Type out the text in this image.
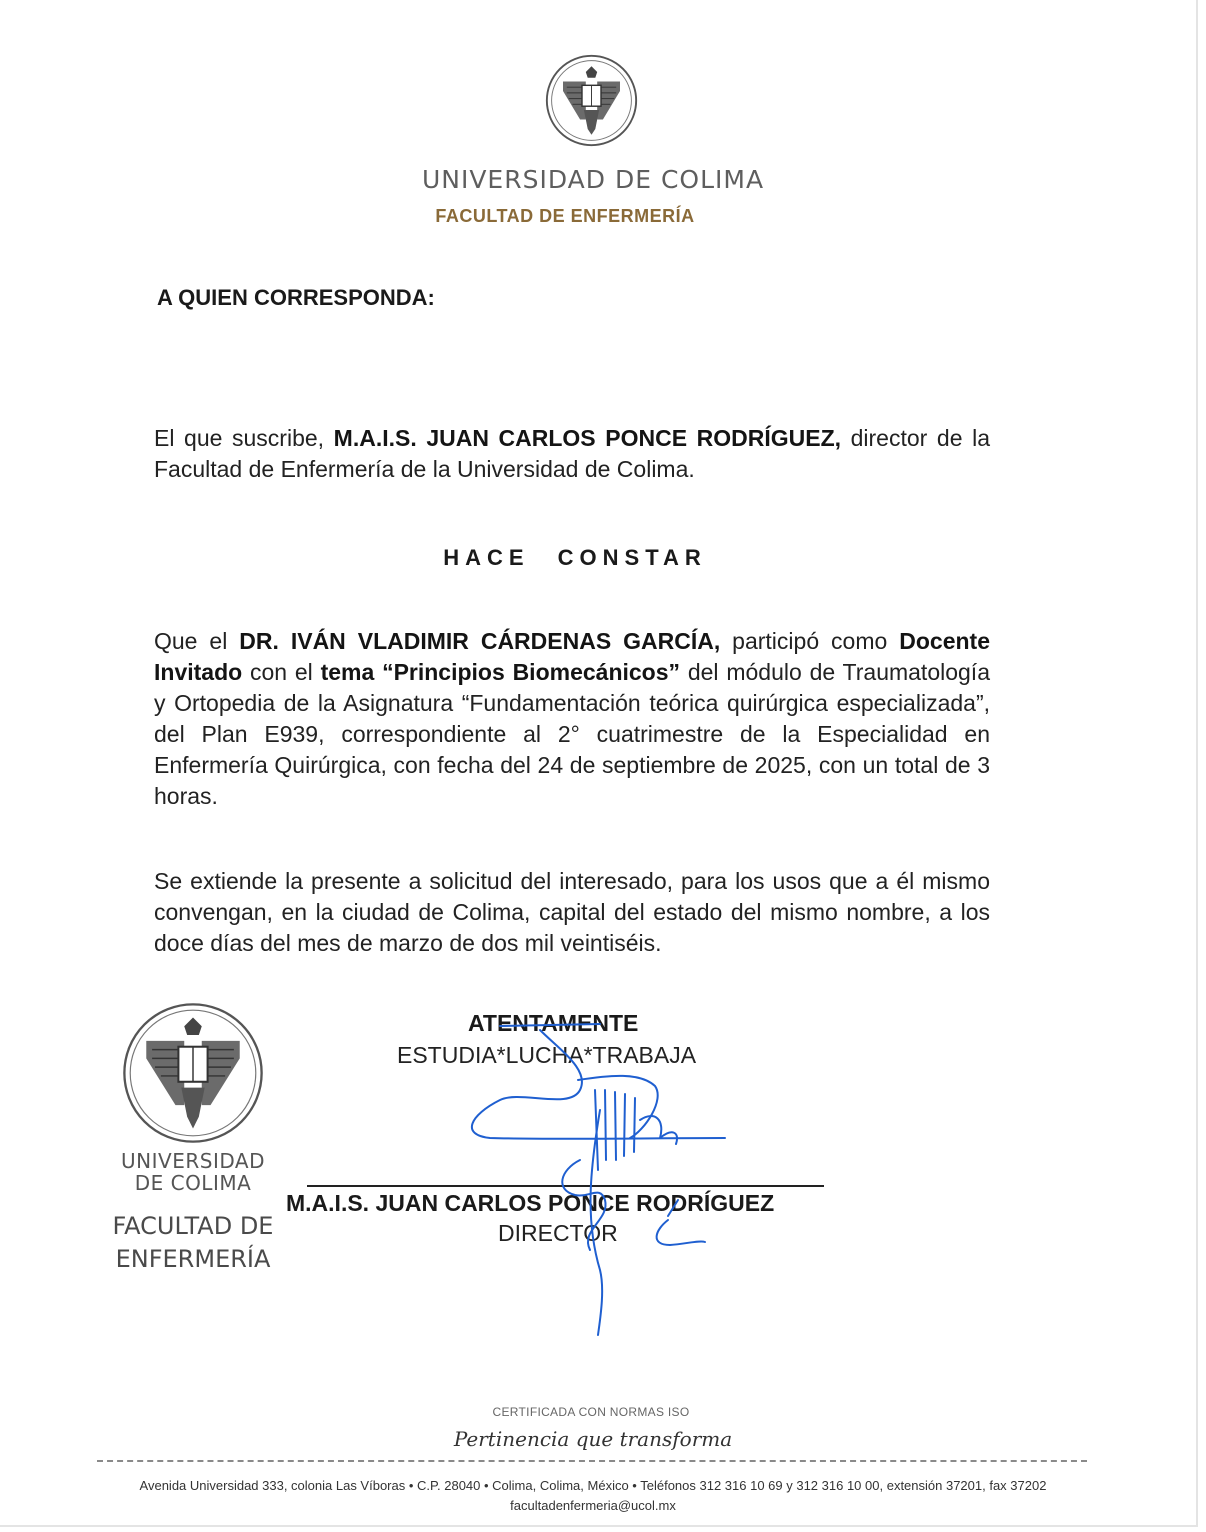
UNIVERSIDAD DE COLIMA
FACULTAD DE ENFERMERÍA
A QUIEN CORRESPONDA:
El que suscribe, M.A.I.S. JUAN CARLOS PONCE RODRÍGUEZ, director de la Facultad de Enfermería de la Universidad de Colima.
HACE CONSTAR
Que el DR. IVÁN VLADIMIR CÁRDENAS GARCÍA, participó como Docente Invitado con el tema “Principios Biomecánicos” del módulo de Traumatología y Ortopedia de la Asignatura “Fundamentación teórica quirúrgica especializada”, del Plan E939, correspondiente al 2° cuatrimestre de la Especialidad en Enfermería Quirúrgica, con fecha del 24 de septiembre de 2025, con un total de 3 horas.
Se extiende la presente a solicitud del interesado, para los usos que a él mismo convengan, en la ciudad de Colima, capital del estado del mismo nombre, a los doce días del mes de marzo de dos mil veintiséis.
UNIVERSIDAD
DE COLIMA
FACULTAD DE
ENFERMERÍA
ATENTAMENTE
ESTUDIA*LUCHA*TRABAJA
M.A.I.S. JUAN CARLOS PONCE RODRÍGUEZ
DIRECTOR
CERTIFICADA CON NORMAS ISO
Pertinencia que transforma
Avenida Universidad 333, colonia Las Víboras • C.P. 28040 • Colima, Colima, México • Teléfonos 312 316 10 69 y 312 316 10 00, extensión 37201, fax 37202
facultadenfermeria@ucol.mx
